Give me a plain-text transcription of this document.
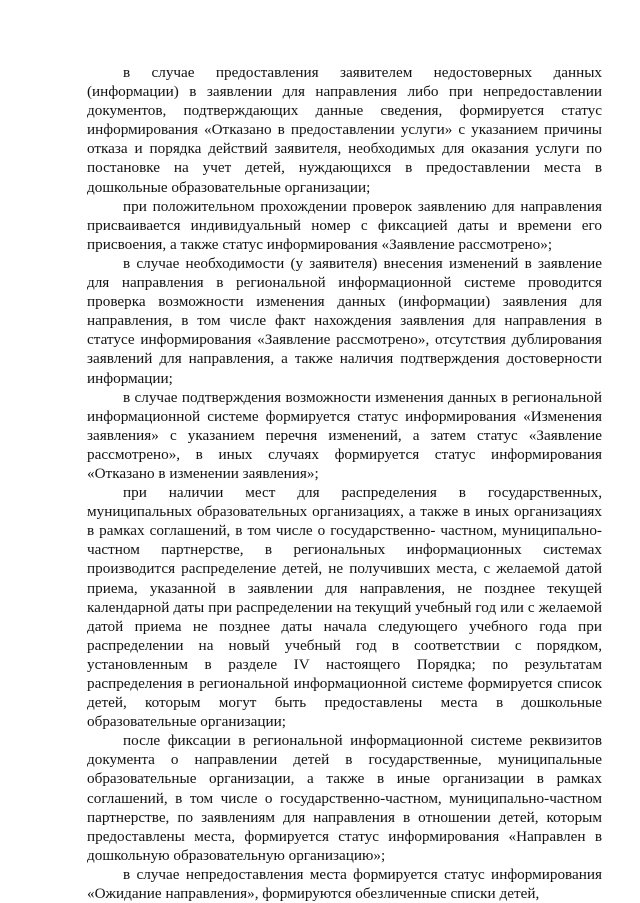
в случае предоставления заявителем недостоверных данных (информации) в заявлении для направления либо при непредоставлении документов, подтверждающих данные сведения, формируется статус информирования «Отказано в предоставлении услуги» с указанием причины отказа и порядка действий заявителя, необходимых для оказания услуги по постановке на учет детей, нуждающихся в предоставлении места в дошкольные образовательные организации;

при положительном прохождении проверок заявлению для направления присваивается индивидуальный номер с фиксацией даты и времени его присвоения, а также статус информирования «Заявление рассмотрено»;

в случае необходимости (у заявителя) внесения изменений в заявление для направления в региональной информационной системе проводится проверка возможности изменения данных (информации) заявления для направления, в том числе факт нахождения заявления для направления в статусе информирования «Заявление рассмотрено», отсутствия дублирования заявлений для направления, а также наличия подтверждения достоверности информации;

в случае подтверждения возможности изменения данных в региональной информационной системе формируется статус информирования «Изменения заявления» с указанием перечня изменений, а затем статус «Заявление рассмотрено», в иных случаях формируется статус информирования «Отказано в изменении заявления»;

при наличии мест для распределения в государственных, муниципальных образовательных организациях, а также в иных организациях в рамках соглашений, в том числе о государственно- частном, муниципально-частном партнерстве, в региональных информационных системах производится распределение детей, не получивших места, с желаемой датой приема, указанной в заявлении для направления, не позднее текущей календарной даты при распределении на текущий учебный год или с желаемой датой приема не позднее даты начала следующего учебного года при распределении на новый учебный год в соответствии с порядком, установленным в разделе IV настоящего Порядка; по результатам распределения в региональной информационной системе формируется список детей, которым могут быть предоставлены места в дошкольные образовательные организации;

после фиксации в региональной информационной системе реквизитов документа о направлении детей в государственные, муниципальные образовательные организации, а также в иные организации в рамках соглашений, в том числе о государственно-частном, муниципально-частном партнерстве, по заявлениям для направления в отношении детей, которым предоставлены места, формируется статус информирования «Направлен в дошкольную образовательную организацию»;

в случае непредоставления места формируется статус информирования «Ожидание направления», формируются обезличенные списки детей,
